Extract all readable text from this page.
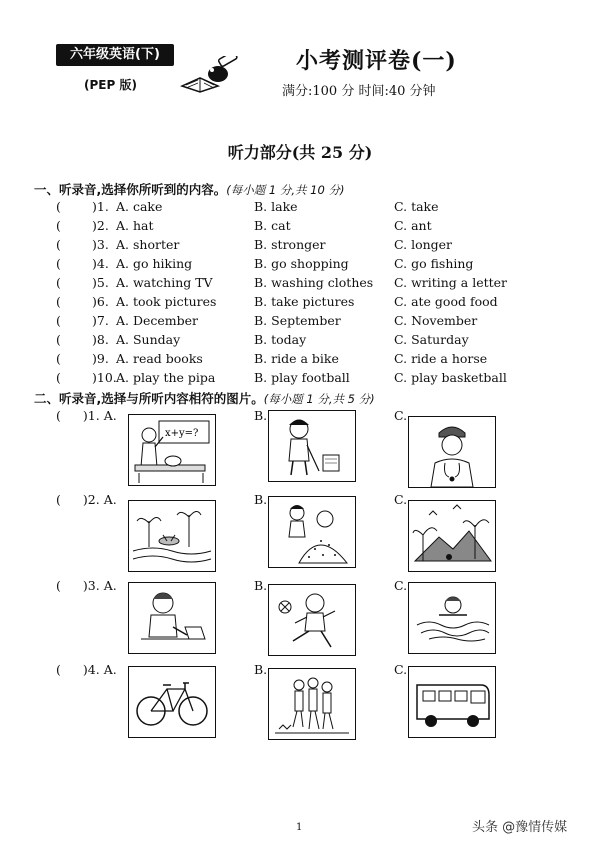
六年级英语(下)
(PEP 版)
小考测评卷(一)
满分:100 分 时间:40 分钟
听力部分(共 25 分)
一、听录音,选择你所听到的内容。(每小题 1 分,共 10 分)
( )1. A. cake	B. lake	C. take
( )2. A. hat	B. cat	C. ant
( )3. A. shorter	B. stronger	C. longer
( )4. A. go hiking	B. go shopping	C. go fishing
( )5. A. watching TV	B. washing clothes C. writing a letter
( )6. A. took pictures	B. take pictures	C. ate good food
( )7. A. December	B. September	C. November
( )8. A. Sunday	B. today	C. Saturday
( )9. A. read books	B. ride a bike	C. ride a horse
( )10. A. play the pipa	B. play football	C. play basketball
二、听录音,选择与所听内容相符的图片。(每小题 1 分,共 5 分)
( )1. A.
x+y=?
B.	C.
( )2. A.	B.	C.
( )3. A.	B.	C.
( )4. A.	B.	C.
1	头条 @豫情传媒
